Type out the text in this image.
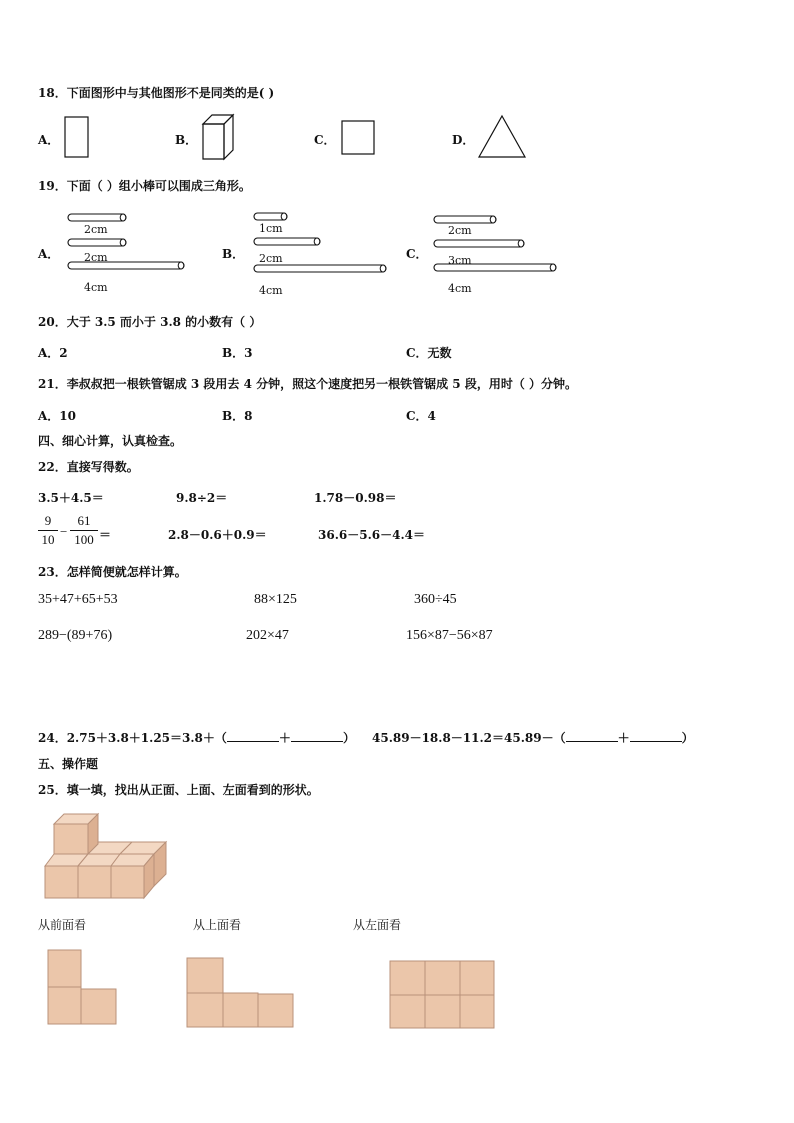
18．下面图形中与其他图形不是同类的是( )
A．	B．	C．	D．
19．下面（ ）组小棒可以围成三角形。
A．
2cm
2cm
4cm
B．
1cm
2cm
4cm
C．
2cm
3cm
4cm
20．大于 3.5 而小于 3.8 的小数有（ ）
A．2	B．3	C．无数
21．李叔叔把一根铁管锯成 3 段用去 4 分钟，照这个速度把另一根铁管锯成 5 段，用时（ ）分钟。
A．10	B．8	C．4
四、细心计算，认真检查。
22．直接写得数。
3.5＋4.5＝	9.8÷2＝	1.78－0.98＝
9
10
−
61
100 ＝	2.8－0.6＋0.9＝	36.6－5.6－4.4＝
23．怎样简便就怎样计算。
35+47+65+53	88×125	360÷45
289−(89+76)	202×47	156×87−56×87
24．2.75＋3.8＋1.25＝3.8＋（	＋	） 45.89－18.8－11.2＝45.89－（	＋	）
五、操作题
25．填一填，找出从正面、上面、左面看到的形状。
从前面看	从上面看	从左面看
